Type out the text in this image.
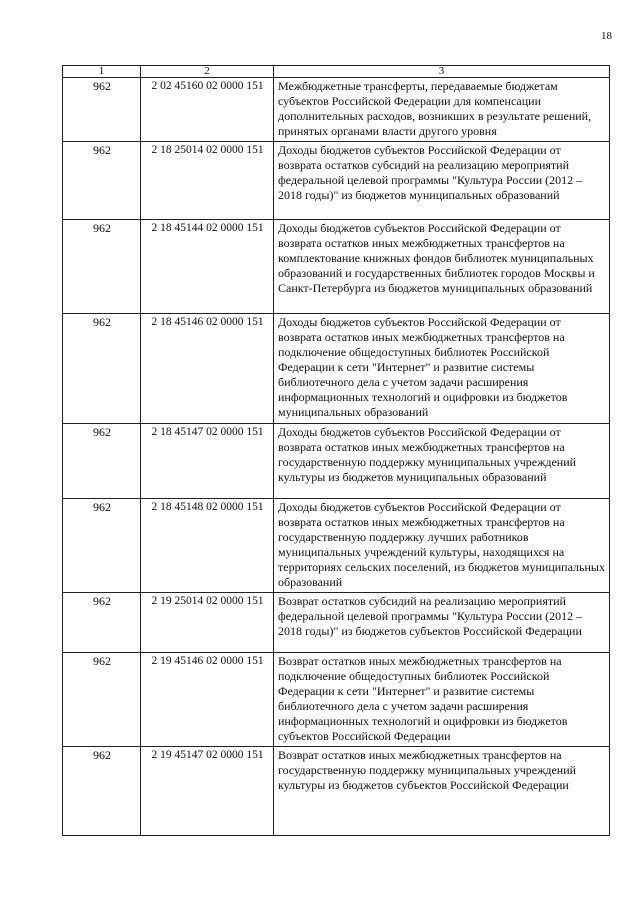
18
1	2	3
962	2 02 45160 02 0000 151	Межбюджетные трансферты, передаваемые бюджетам субъектов Российской Федерации для компенсации дополнительных расходов, возникших в результате решений, принятых органами власти другого уровня
962	2 18 25014 02 0000 151	Доходы бюджетов субъектов Российской Федерации от возврата остатков субсидий на реализацию мероприятий федеральной целевой программы "Культура России (2012 – 2018 годы)" из бюджетов муниципальных образований
962	2 18 45144 02 0000 151	Доходы бюджетов субъектов Российской Федерации от возврата остатков иных межбюджетных трансфертов на комплектование книжных фондов библиотек муниципальных образований и государственных библиотек городов Москвы и Санкт-Петербурга из бюджетов муниципальных образований
962	2 18 45146 02 0000 151	Доходы бюджетов субъектов Российской Федерации от возврата остатков иных межбюджетных трансфертов на подключение общедоступных библиотек Российской Федерации к сети "Интернет" и развитие системы библиотечного дела с учетом задачи расширения информационных технологий и оцифровки из бюджетов муниципальных образований
962	2 18 45147 02 0000 151	Доходы бюджетов субъектов Российской Федерации от возврата остатков иных межбюджетных трансфертов на государственную поддержку муниципальных учреждений культуры из бюджетов муниципальных образований
962	2 18 45148 02 0000 151	Доходы бюджетов субъектов Российской Федерации от возврата остатков иных межбюджетных трансфертов на государственную поддержку лучших работников муниципальных учреждений культуры, находящихся на территориях сельских поселений, из бюджетов муниципальных образований
962	2 19 25014 02 0000 151	Возврат остатков субсидий на реализацию мероприятий федеральной целевой программы "Культура России (2012 – 2018 годы)" из бюджетов субъектов Российской Федерации
962	2 19 45146 02 0000 151	Возврат остатков иных межбюджетных трансфертов на подключение общедоступных библиотек Российской Федерации к сети "Интернет" и развитие системы библиотечного дела с учетом задачи расширения информационных технологий и оцифровки из бюджетов субъектов Российской Федерации
962	2 19 45147 02 0000 151	Возврат остатков иных межбюджетных трансфертов на государственную поддержку муниципальных учреждений культуры из бюджетов субъектов Российской Федерации
